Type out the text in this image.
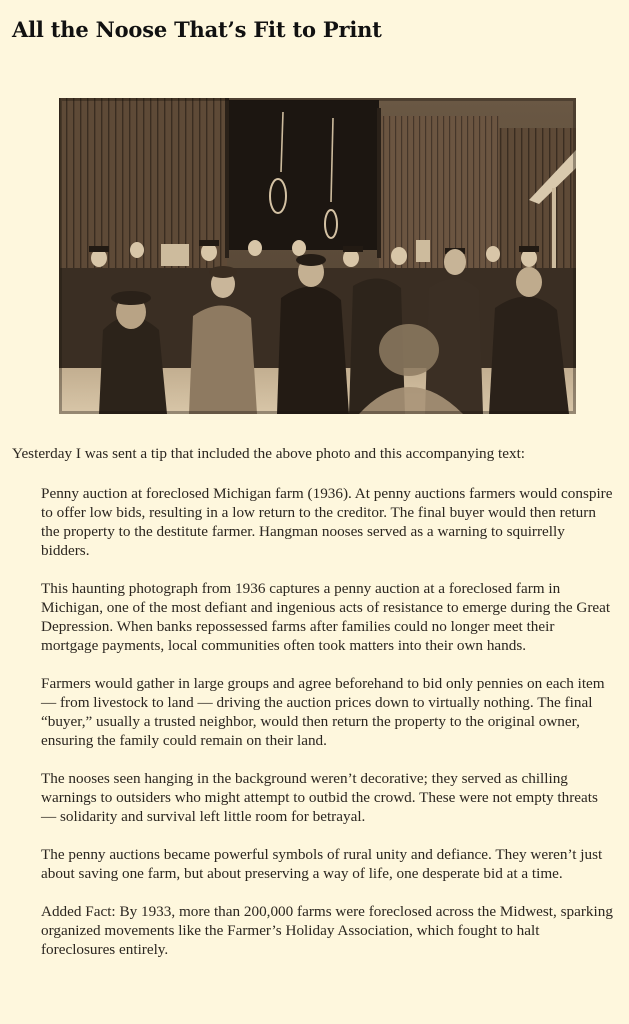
All the Noose That’s Fit to Print

Yesterday I was sent a tip that included the above photo and this accompanying text:

Penny auction at foreclosed Michigan farm (1936). At penny auctions farmers would conspire to offer low bids, resulting in a low return to the creditor. The final buyer would then return the property to the destitute farmer. Hangman nooses served as a warning to squirrelly bidders.

This haunting photograph from 1936 captures a penny auction at a foreclosed farm in Michigan, one of the most defiant and ingenious acts of resistance to emerge during the Great Depression. When banks repossessed farms after families could no longer meet their mortgage payments, local communities often took matters into their own hands.

Farmers would gather in large groups and agree beforehand to bid only pennies on each item — from livestock to land — driving the auction prices down to virtually nothing. The final “buyer,” usually a trusted neighbor, would then return the property to the original owner, ensuring the family could remain on their land.

The nooses seen hanging in the background weren’t decorative; they served as chilling warnings to outsiders who might attempt to outbid the crowd. These were not empty threats — solidarity and survival left little room for betrayal.

The penny auctions became powerful symbols of rural unity and defiance. They weren’t just about saving one farm, but about preserving a way of life, one desperate bid at a time.

Added Fact: By 1933, more than 200,000 farms were foreclosed across the Midwest, sparking organized movements like the Farmer’s Holiday Association, which fought to halt foreclosures entirely.
